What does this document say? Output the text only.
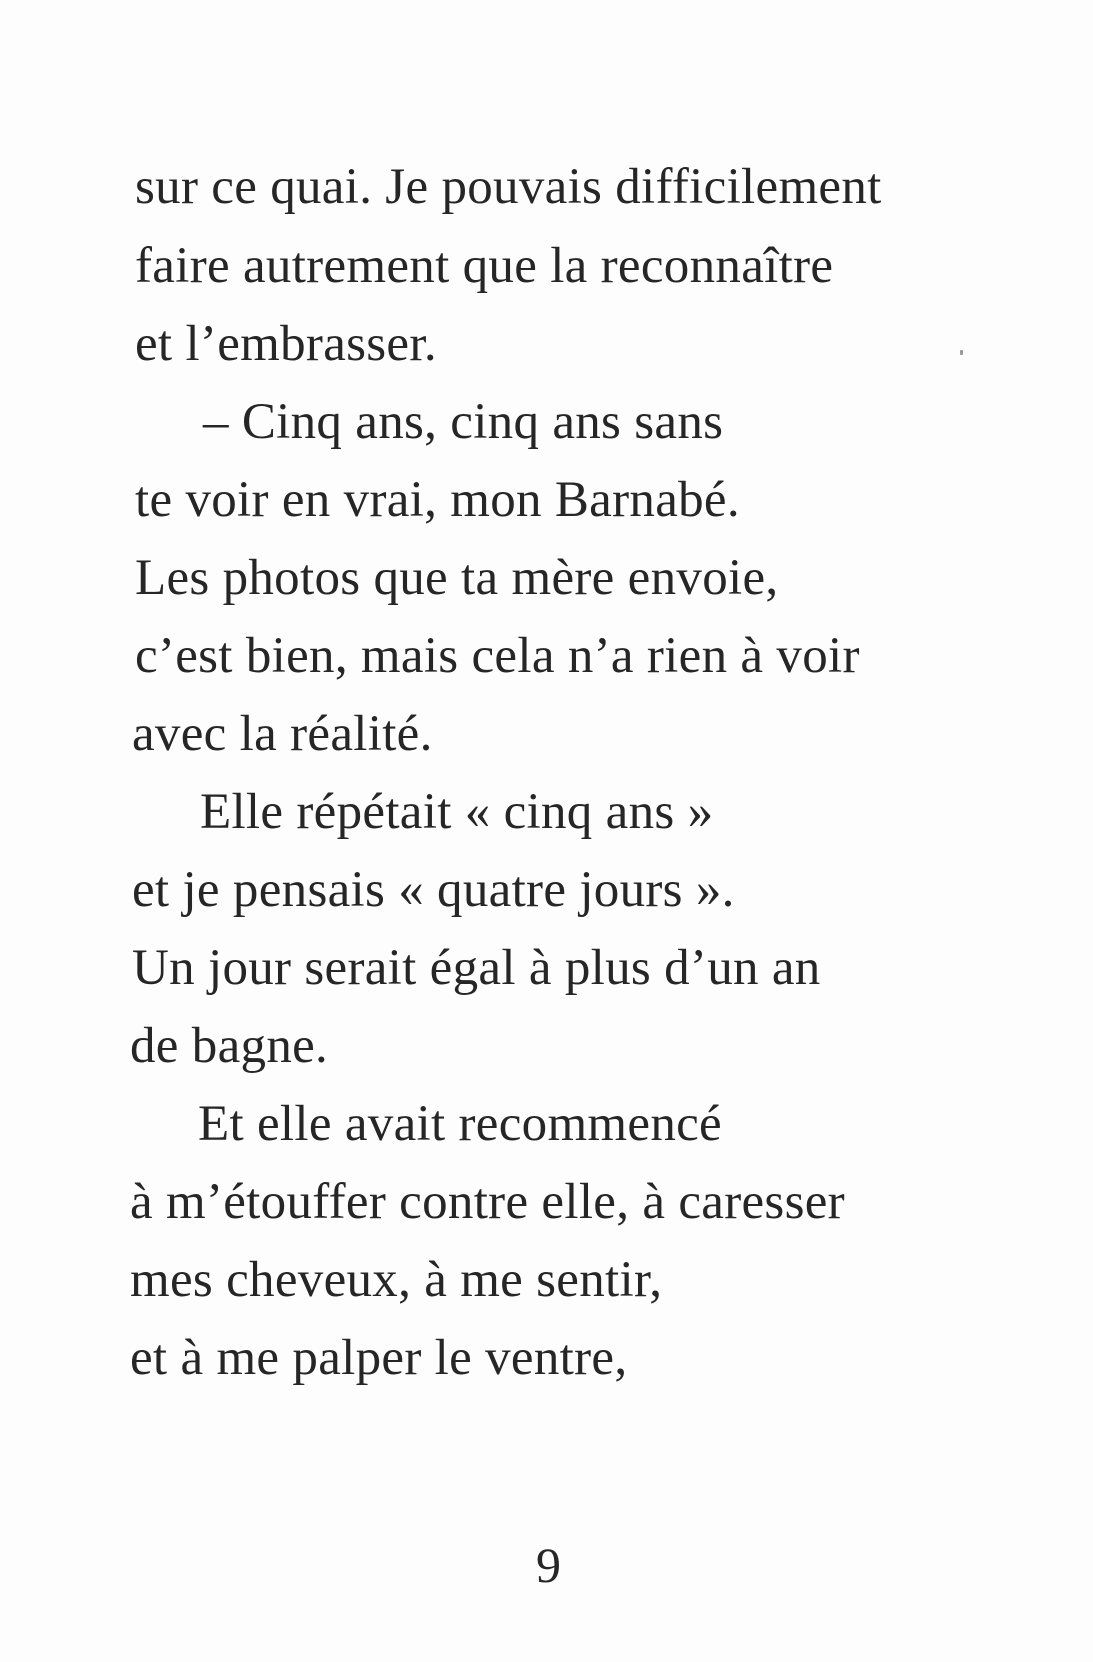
sur ce quai. Je pouvais difficilement
faire autrement que la reconnaître
et l’embrasser.
– Cinq ans, cinq ans sans
te voir en vrai, mon Barnabé.
Les photos que ta mère envoie,
c’est bien, mais cela n’a rien à voir
avec la réalité.
Elle répétait « cinq ans »
et je pensais « quatre jours ».
Un jour serait égal à plus d’un an
de bagne.
Et elle avait recommencé
à m’étouffer contre elle, à caresser
mes cheveux, à me sentir,
et à me palper le ventre,
9
